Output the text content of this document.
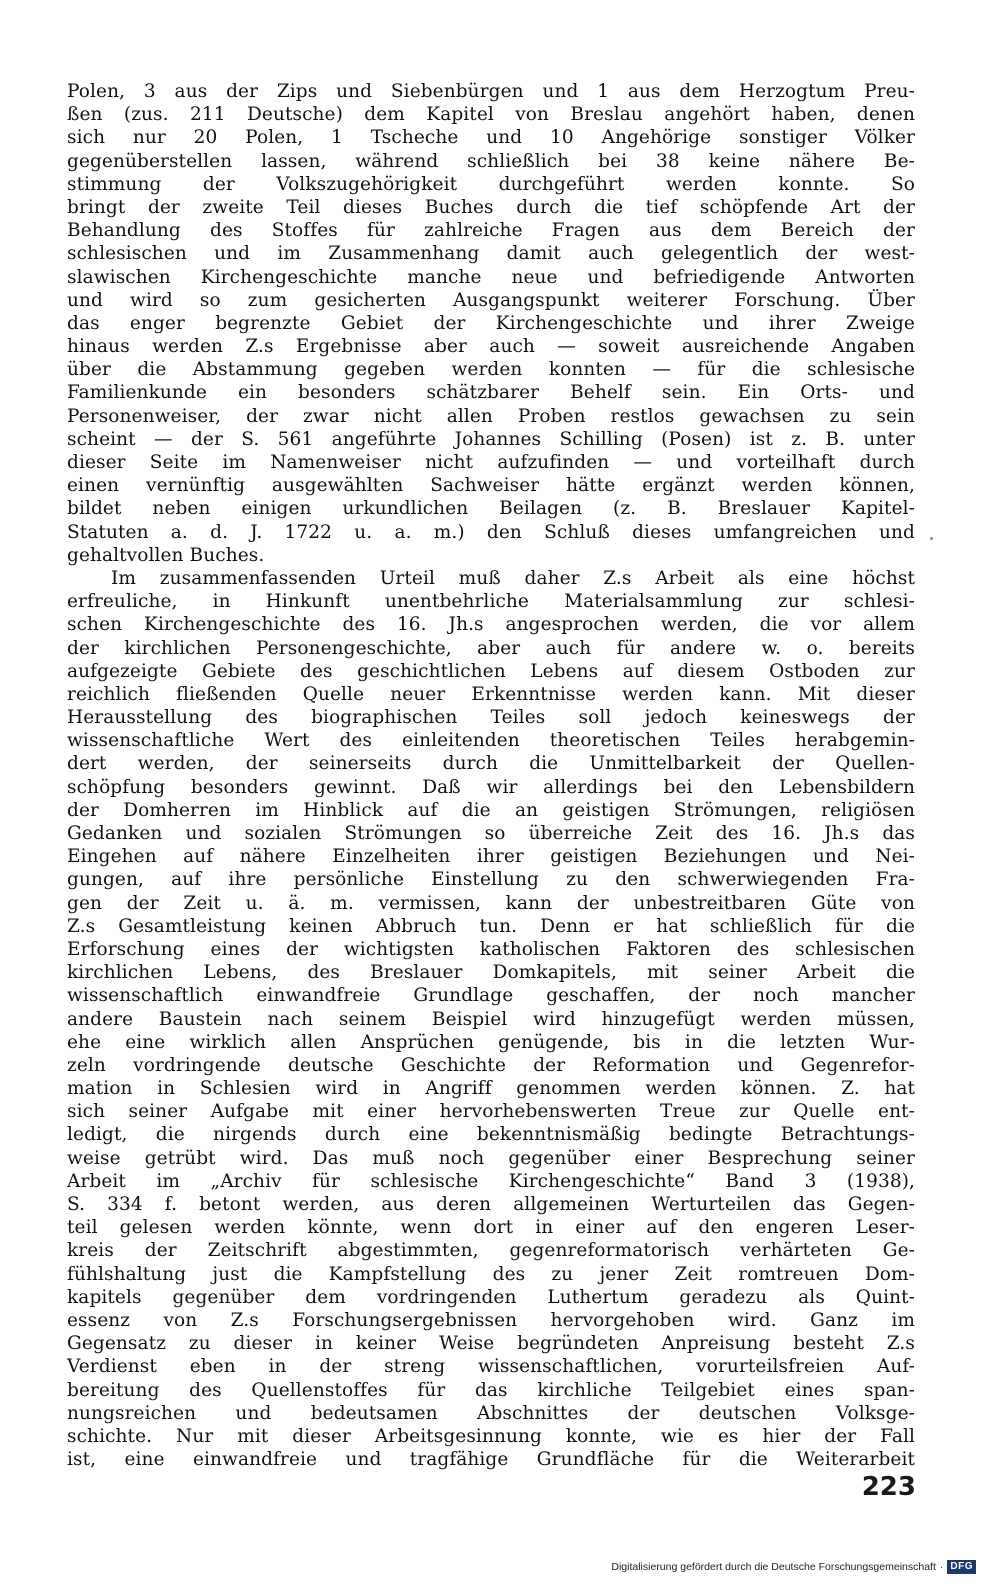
Polen, 3 aus der Zips und Siebenbürgen und 1 aus dem Herzogtum Preu-
ßen (zus. 211 Deutsche) dem Kapitel von Breslau angehört haben, denen
sich nur 20 Polen, 1 Tscheche und 10 Angehörige sonstiger Völker
gegenüberstellen lassen, während schließlich bei 38 keine nähere Be-
stimmung der Volkszugehörigkeit durchgeführt werden konnte. So
bringt der zweite Teil dieses Buches durch die tief schöpfende Art der
Behandlung des Stoffes für zahlreiche Fragen aus dem Bereich der
schlesischen und im Zusammenhang damit auch gelegentlich der west-
slawischen Kirchengeschichte manche neue und befriedigende Antworten
und wird so zum gesicherten Ausgangspunkt weiterer Forschung. Über
das enger begrenzte Gebiet der Kirchengeschichte und ihrer Zweige
hinaus werden Z.s Ergebnisse aber auch — soweit ausreichende Angaben
über die Abstammung gegeben werden konnten — für die schlesische
Familienkunde ein besonders schätzbarer Behelf sein. Ein Orts- und
Personenweiser, der zwar nicht allen Proben restlos gewachsen zu sein
scheint — der S. 561 angeführte Johannes Schilling (Posen) ist z. B. unter
dieser Seite im Namenweiser nicht aufzufinden — und vorteilhaft durch
einen vernünftig ausgewählten Sachweiser hätte ergänzt werden können,
bildet neben einigen urkundlichen Beilagen (z. B. Breslauer Kapitel-
Statuten a. d. J. 1722 u. a. m.) den Schluß dieses umfangreichen und
gehaltvollen Buches.
Im zusammenfassenden Urteil muß daher Z.s Arbeit als eine höchst
erfreuliche, in Hinkunft unentbehrliche Materialsammlung zur schlesi-
schen Kirchengeschichte des 16. Jh.s angesprochen werden, die vor allem
der kirchlichen Personengeschichte, aber auch für andere w. o. bereits
aufgezeigte Gebiete des geschichtlichen Lebens auf diesem Ostboden zur
reichlich fließenden Quelle neuer Erkenntnisse werden kann. Mit dieser
Herausstellung des biographischen Teiles soll jedoch keineswegs der
wissenschaftliche Wert des einleitenden theoretischen Teiles herabgemin-
dert werden, der seinerseits durch die Unmittelbarkeit der Quellen-
schöpfung besonders gewinnt. Daß wir allerdings bei den Lebensbildern
der Domherren im Hinblick auf die an geistigen Strömungen, religiösen
Gedanken und sozialen Strömungen so überreiche Zeit des 16. Jh.s das
Eingehen auf nähere Einzelheiten ihrer geistigen Beziehungen und Nei-
gungen, auf ihre persönliche Einstellung zu den schwerwiegenden Fra-
gen der Zeit u. ä. m. vermissen, kann der unbestreitbaren Güte von
Z.s Gesamtleistung keinen Abbruch tun. Denn er hat schließlich für die
Erforschung eines der wichtigsten katholischen Faktoren des schlesischen
kirchlichen Lebens, des Breslauer Domkapitels, mit seiner Arbeit die
wissenschaftlich einwandfreie Grundlage geschaffen, der noch mancher
andere Baustein nach seinem Beispiel wird hinzugefügt werden müssen,
ehe eine wirklich allen Ansprüchen genügende, bis in die letzten Wur-
zeln vordringende deutsche Geschichte der Reformation und Gegenrefor-
mation in Schlesien wird in Angriff genommen werden können. Z. hat
sich seiner Aufgabe mit einer hervorhebenswerten Treue zur Quelle ent-
ledigt, die nirgends durch eine bekenntnismäßig bedingte Betrachtungs-
weise getrübt wird. Das muß noch gegenüber einer Besprechung seiner
Arbeit im „Archiv für schlesische Kirchengeschichte“ Band 3 (1938),
S. 334 f. betont werden, aus deren allgemeinen Werturteilen das Gegen-
teil gelesen werden könnte, wenn dort in einer auf den engeren Leser-
kreis der Zeitschrift abgestimmten, gegenreformatorisch verhärteten Ge-
fühlshaltung just die Kampfstellung des zu jener Zeit romtreuen Dom-
kapitels gegenüber dem vordringenden Luthertum geradezu als Quint-
essenz von Z.s Forschungsergebnissen hervorgehoben wird. Ganz im
Gegensatz zu dieser in keiner Weise begründeten Anpreisung besteht Z.s
Verdienst eben in der streng wissenschaftlichen, vorurteilsfreien Auf-
bereitung des Quellenstoffes für das kirchliche Teilgebiet eines span-
nungsreichen und bedeutsamen Abschnittes der deutschen Volksge-
schichte. Nur mit dieser Arbeitsgesinnung konnte, wie es hier der Fall
ist, eine einwandfreie und tragfähige Grundfläche für die Weiterarbeit
223
Digitalisierung gefördert durch die Deutsche Forschungsgemeinschaft · DFG
